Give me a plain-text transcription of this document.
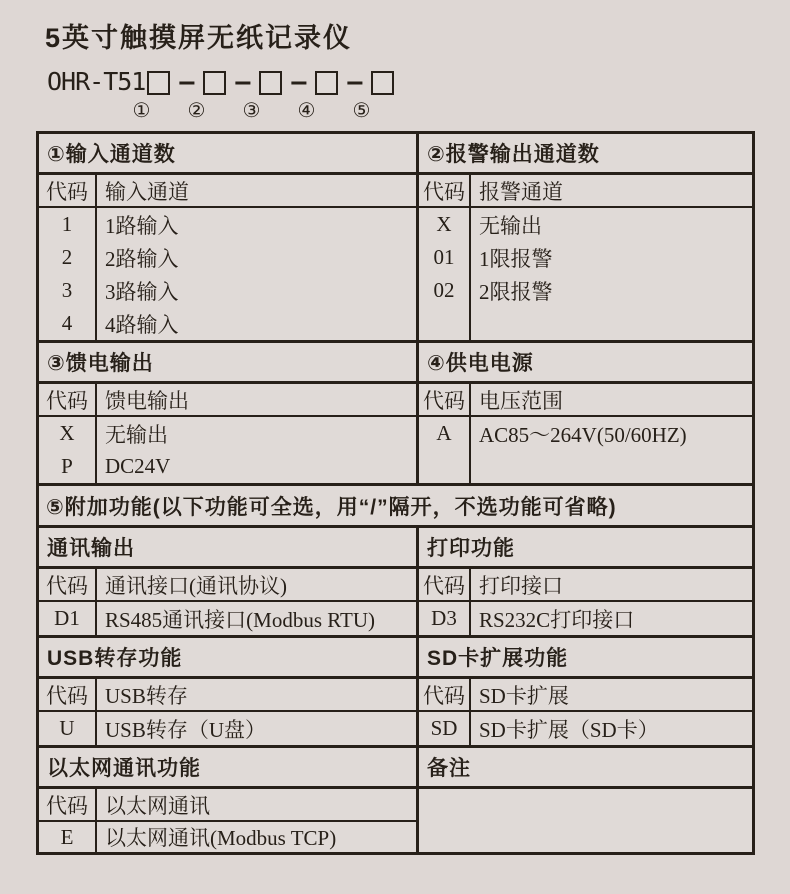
5英寸触摸屏无纸记录仪
OHR-T51	–	–	–	–
①	②	③	④	⑤
①输入通道数	②报警输出通道数
代码 输入通道	代码 报警通道
1	1路输入	X	无输出
2	2路输入	01	1限报警
3	3路输入	02	2限报警
4	4路输入
③馈电输出	④供电电源
代码 馈电输出	代码 电压范围
X	无输出	A	AC85～264V(50/60HZ)
P	DC24V
⑤附加功能(以下功能可全选，用“/”隔开，不选功能可省略)
通讯输出	打印功能
代码 通讯接口(通讯协议)	代码 打印接口
D1	RS485通讯接口(Modbus RTU)	D3	RS232C打印接口
USB转存功能	SD卡扩展功能
代码 USB转存	代码 SD卡扩展
U	USB转存（U盘）	SD	SD卡扩展（SD卡）
以太网通讯功能	备注
代码 以太网通讯
E	以太网通讯(Modbus TCP)
